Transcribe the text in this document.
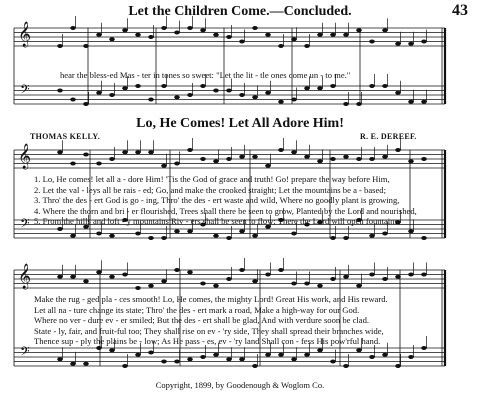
Let the Children Come.—Concluded.	43
𝄞
𝄢
𝄞
𝄢
𝄞
𝄢
hear the bless-ed Mas - ter in tones so sweet: "Let the lit - tle ones come un - to me."
Lo, He Comes! Let All Adore Him!
THOMAS KELLY.	R. E. DEREEF.
1. Lo, He comes! let all a - dore Him! 'Tis the God of grace and truth! Go! prepare the way before Him,
2. Let the val - leys all be rais - ed; Go, and make the crooked straight; Let the mountains be a - based;
3. Thro' the des - ert God is go - ing, Thro' the des - ert waste and wild, Where no goodly plant is growing,
4. Where the thorn and bri - er flourished, Trees shall there be seen to grow, Planted by the Lord and nourished,
5. From the hills and loft - y mountains Riv - ers shall be seen to flow; There the Lord will open fountains,
Make the rug - ged pla - ces smooth! Lo, He comes, the mighty Lord! Great His work, and His reward.
Let all na - ture change its state; Thro' the des - ert mark a road, Make a high-way for our God.
Where no ver - dure ev - er smiled; But the des - ert shall be glad, And with verdure soon be clad.
State - ly, fair, and fruit-ful too; They shall rise on ev - 'ry side, They shall spread their branches wide,
Thence sup - ply the plains be - low; As He pass - es, ev - 'ry land Shall con - fess His pow'rful hand.
Copyright, 1899, by Goodenough & Woglom Co.
